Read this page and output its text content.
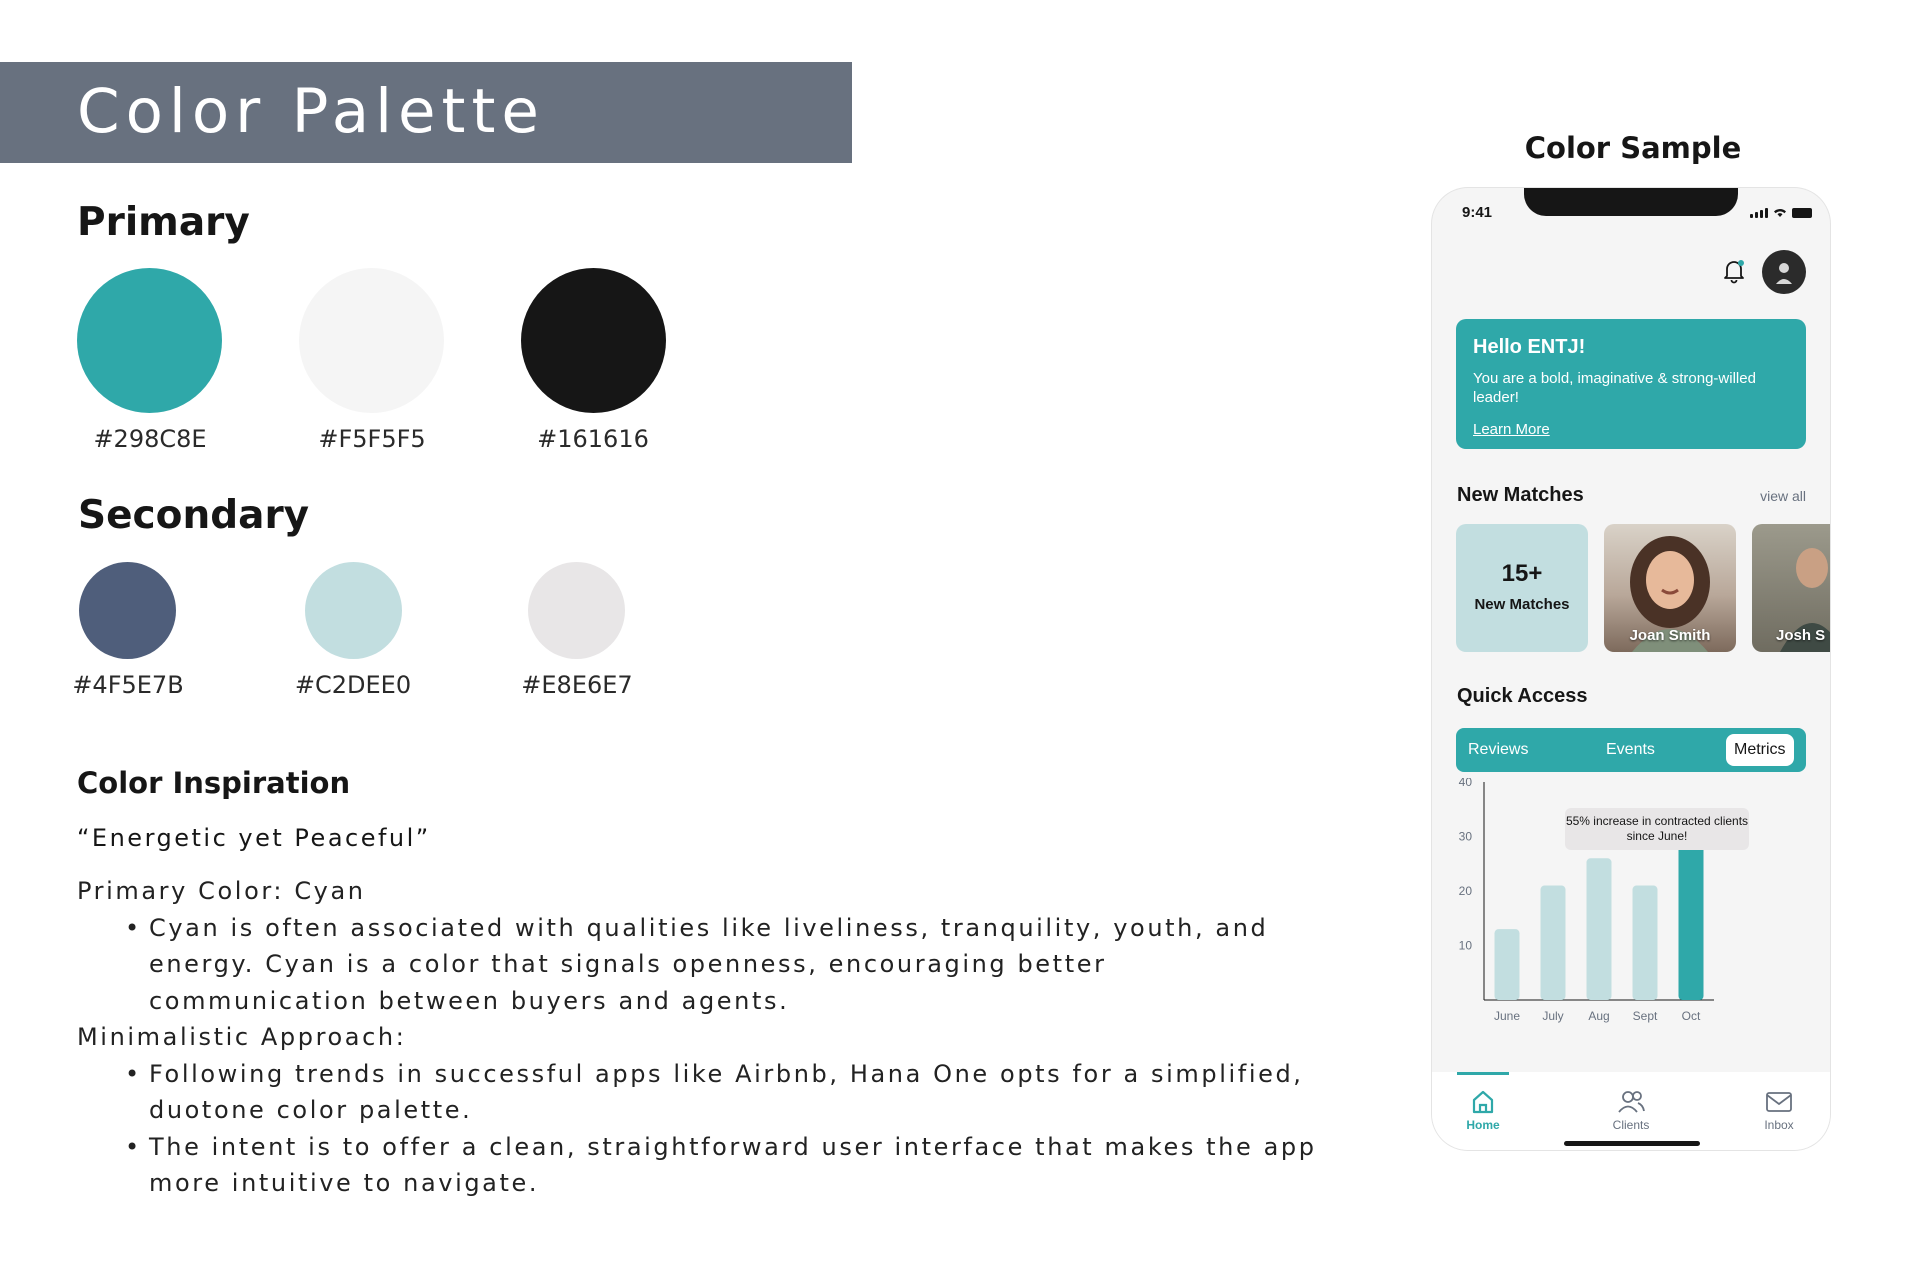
Color Palette
Primary
#298C8E	#F5F5F5	#161616
Secondary
#4F5E7B	#C2DEE0	#E8E6E7
Color Inspiration
“Energetic yet Peaceful”
Primary Color: Cyan
• Cyan is often associated with qualities like liveliness, tranquility, youth, and
energy. Cyan is a color that signals openness, encouraging better
communication between buyers and agents.
Minimalistic Approach:
• Following trends in successful apps like Airbnb, Hana One opts for a simplified,
duotone color palette.
• The intent is to offer a clean, straightforward user interface that makes the app
more intuitive to navigate.
Color Sample
9:41
Hello ENTJ!
You are a bold, imaginative & strong-willed leader!
Learn More
New Matches	view all
15+
New Matches
Joan Smith	Josh S
Quick Access
Reviews	Events	Metrics
10
20
30
40
June July Aug Sept Oct
55% increase in contracted clients since June!
Home	Clients	Inbox
